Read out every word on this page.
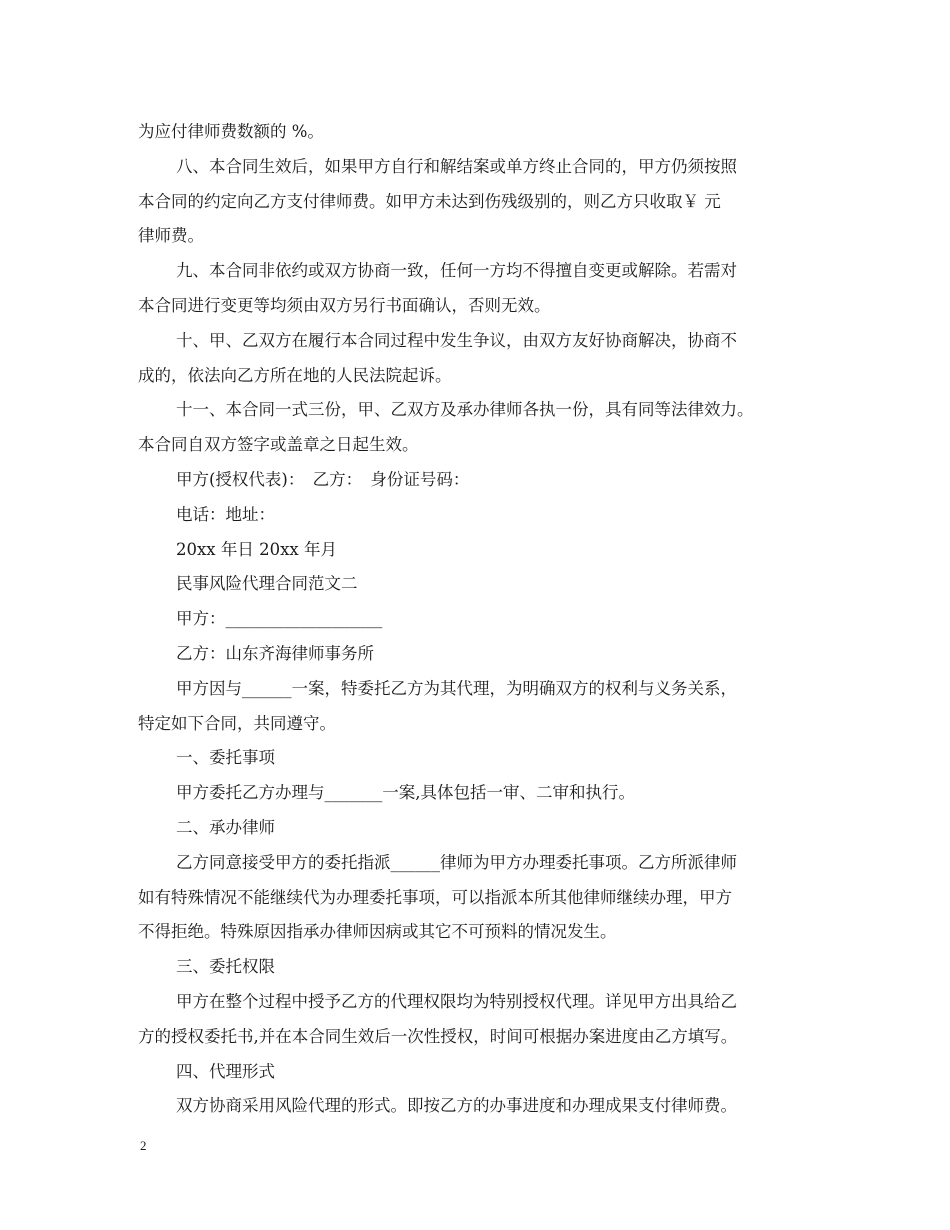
为应付律师费数额的 %。

八、本合同生效后，如果甲方自行和解结案或单方终止合同的，甲方仍须按照

本合同的约定向乙方支付律师费。如甲方未达到伤残级别的，则乙方只收取￥ 元

律师费。

九、本合同非依约或双方协商一致，任何一方均不得擅自变更或解除。若需对

本合同进行变更等均须由双方另行书面确认，否则无效。

十、甲、乙双方在履行本合同过程中发生争议，由双方友好协商解决，协商不

成的，依法向乙方所在地的人民法院起诉。

十一、本合同一式三份，甲、乙双方及承办律师各执一份，具有同等法律效力。

本合同自双方签字或盖章之日起生效。

甲方(授权代表)：　乙方：　身份证号码：

电话：地址：

20xx 年日 20xx 年月

民事风险代理合同范文二

甲方：___________________

乙方：山东齐海律师事务所

甲方因与______一案，特委托乙方为其代理，为明确双方的权利与义务关系，

特定如下合同，共同遵守。

一、委托事项

甲方委托乙方办理与_______一案,具体包括一审、二审和执行。

二、承办律师

乙方同意接受甲方的委托指派______律师为甲方办理委托事项。乙方所派律师

如有特殊情况不能继续代为办理委托事项，可以指派本所其他律师继续办理，甲方

不得拒绝。特殊原因指承办律师因病或其它不可预料的情况发生。

三、委托权限

甲方在整个过程中授予乙方的代理权限均为特别授权代理。详见甲方出具给乙

方的授权委托书,并在本合同生效后一次性授权，时间可根据办案进度由乙方填写。

四、代理形式

双方协商采用风险代理的形式。即按乙方的办事进度和办理成果支付律师费。

2
